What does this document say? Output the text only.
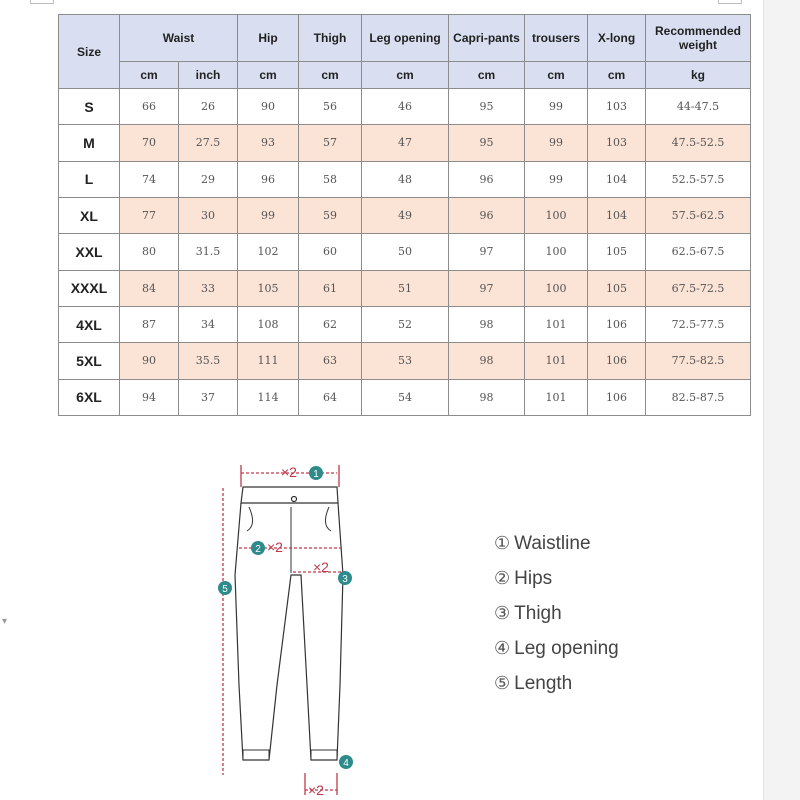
▾
Size	Waist		Hip	Thigh	Leg opening	Capri-pants	trousers	X-long	Recommended weight
	cm	inch	cm	cm	cm	cm	cm	cm	kg
S	66	26	90	56	46	95	99	103	44-47.5
M	70	27.5	93	57	47	95	99	103	47.5-52.5
L	74	29	96	58	48	96	99	104	52.5-57.5
XL	77	30	99	59	49	96	100	104	57.5-62.5
XXL	80	31.5	102	60	50	97	100	105	62.5-67.5
XXXL	84	33	105	61	51	97	100	105	67.5-72.5
4XL	87	34	108	62	52	98	101	106	72.5-77.5
5XL	90	35.5	111	63	53	98	101	106	77.5-82.5
6XL	94	37	114	64	54	98	101	106	82.5-87.5
×2 1
2 ×2
×2
3
4
×2
5
① Waistline
② Hips
③ Thigh
④ Leg opening
⑤ Length
